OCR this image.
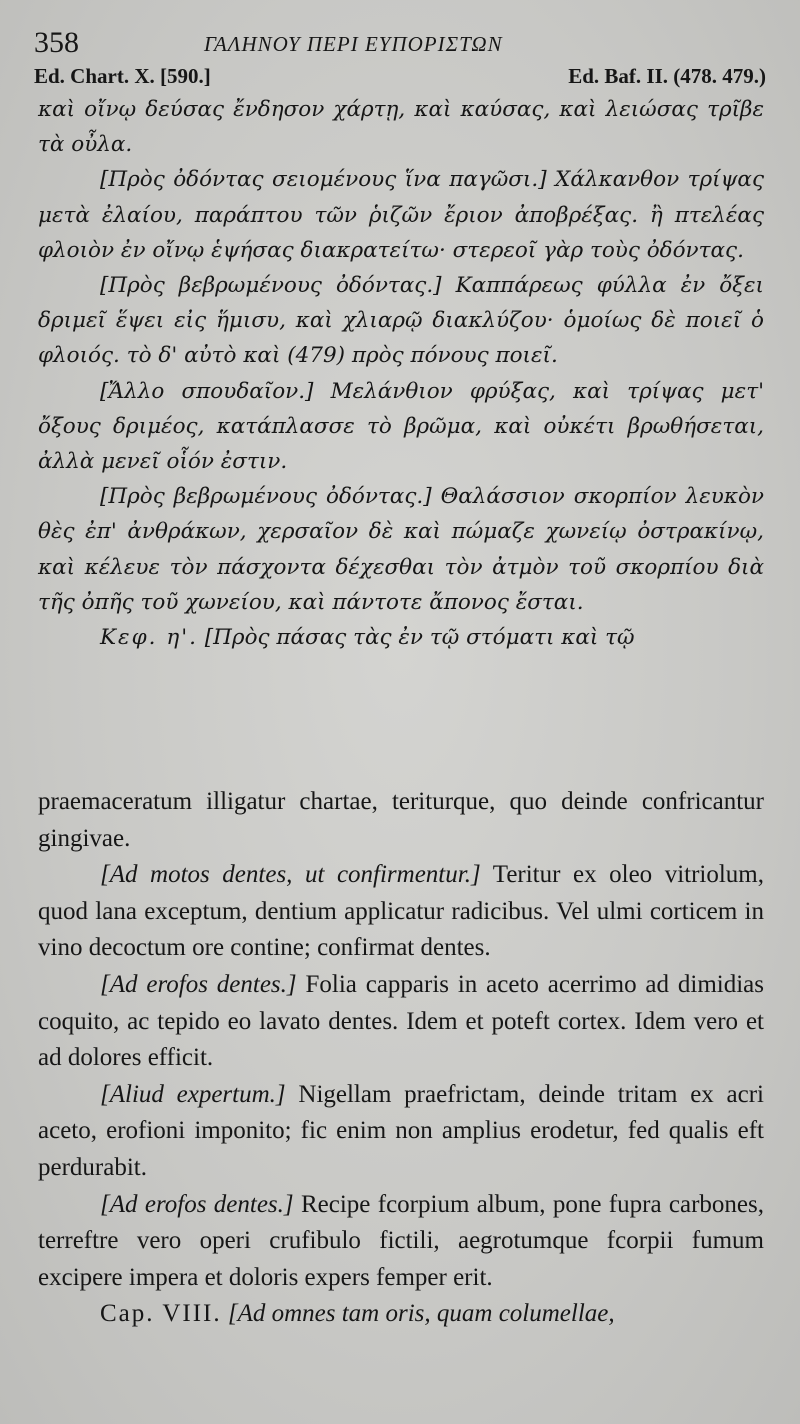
358	ΓΑΛΗΝΟΥ ΠΕΡΙ ΕΥΠΟΡΙΣΤΩΝ
Ed. Chart. X. [590.]	Ed. Baf. II. (478. 479.)

καὶ οἴνῳ δεύσας ἔνδησον χάρτῃ, καὶ καύσας, καὶ λειώσας τρῖβε τὰ οὖλα.

[Πρὸς ὀδόντας σειομένους ἵνα παγῶσι.] Χάλκανθον τρίψας μετὰ ἐλαίου, παράπτου τῶν ῥιζῶν ἔριον ἀποβρέξας. ἢ πτελέας φλοιὸν ἐν οἴνῳ ἑψήσας διακρατείτω· στερεοῖ γὰρ τοὺς ὀδόντας.

[Πρὸς βεβρωμένους ὀδόντας.] Καππάρεως φύλλα ἐν ὄξει δριμεῖ ἕψει εἰς ἥμισυ, καὶ χλιαρῷ διακλύζου· ὁμοίως δὲ ποιεῖ ὁ φλοιός. τὸ δ' αὐτὸ καὶ (479) πρὸς πόνους ποιεῖ.

[Ἄλλο σπουδαῖον.] Μελάνθιον φρύξας, καὶ τρίψας μετ' ὄξους δριμέος, κατάπλασσε τὸ βρῶμα, καὶ οὐκέτι βρωθήσεται, ἀλλὰ μενεῖ οἷόν ἐστιν.

[Πρὸς βεβρωμένους ὀδόντας.] Θαλάσσιον σκορπίον λευκὸν θὲς ἐπ' ἀνθράκων, χερσαῖον δὲ καὶ πώμαζε χωνείῳ ὀστρακίνῳ, καὶ κέλευε τὸν πάσχοντα δέχεσθαι τὸν ἀτμὸν τοῦ σκορπίου διὰ τῆς ὀπῆς τοῦ χωνείου, καὶ πάντοτε ἄπονος ἔσται.

Κεφ. η'. [Πρὸς πάσας τὰς ἐν τῷ στόματι καὶ τῷ

praemaceratum illigatur chartae, teriturque, quo deinde confricantur gingivae.

[Ad motos dentes, ut confirmentur.] Teritur ex oleo vitriolum, quod lana exceptum, dentium applicatur radicibus. Vel ulmi corticem in vino decoctum ore contine; confirmat dentes.

[Ad erofos dentes.] Folia capparis in aceto acerrimo ad dimidias coquito, ac tepido eo lavato dentes. Idem et poteft cortex. Idem vero et ad dolores efficit.

[Aliud expertum.] Nigellam praefrictam, deinde tritam ex acri aceto, erofioni imponito; fic enim non amplius erodetur, fed qualis eft perdurabit.

[Ad erofos dentes.] Recipe fcorpium album, pone fupra carbones, terreftre vero operi crufibulo fictili, aegrotumque fcorpii fumum excipere impera et doloris expers femper erit.

Cap. VIII. [Ad omnes tam oris, quam columellae,
